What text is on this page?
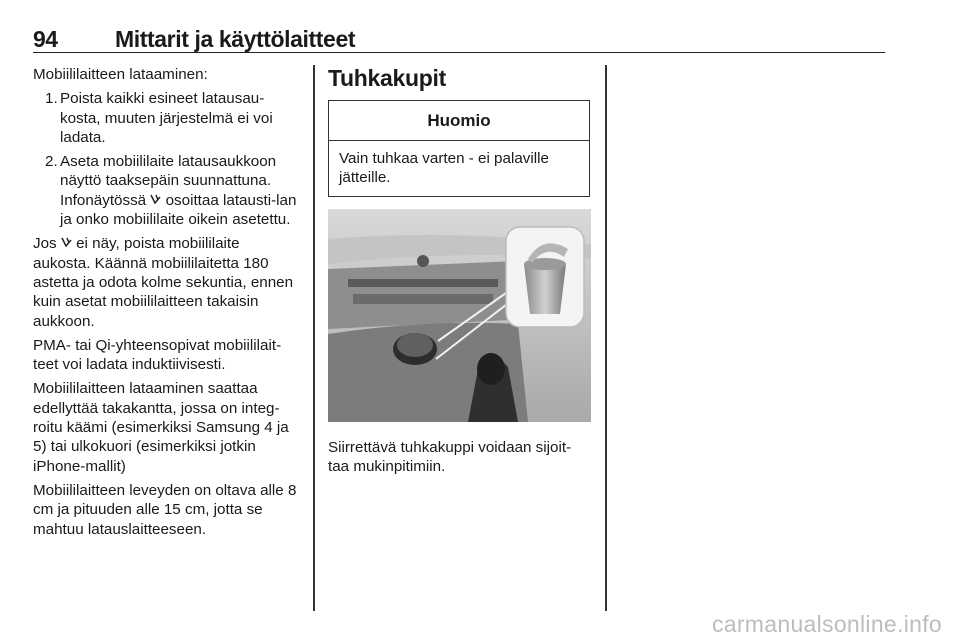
94 Mittarit ja käyttölaitteet

Mobiililaitteen lataaminen:

1. Poista kaikki esineet latausau-kosta, muuten järjestelmä ei voi ladata.
2. Aseta mobiililaite latausaukkoon näyttö taaksepäin suunnattuna. Infonäytössä osoittaa latausti-lan ja onko mobiililaite oikein asetettu.

Jos ei näy, poista mobiililaite aukosta. Käännä mobiililaitetta 180 astetta ja odota kolme sekuntia, ennen kuin asetat mobiililaitteen takaisin aukkoon.

PMA- tai Qi-yhteensopivat mobiililait-teet voi ladata induktiivisesti.

Mobiililaitteen lataaminen saattaa edellyttää takakantta, jossa on integ-roitu käämi (esimerkiksi Samsung 4 ja 5) tai ulkokuori (esimerkiksi jotkin iPhone-mallit)

Mobiililaitteen leveyden on oltava alle 8 cm ja pituuden alle 15 cm, jotta se mahtuu latauslaitteeseen.

Tuhkakupit
Huomio
Vain tuhkaa varten - ei palaville jätteille.

Siirrettävä tuhkakuppi voidaan sijoit-taa mukinpitimiin.

carmanualsonline.info
